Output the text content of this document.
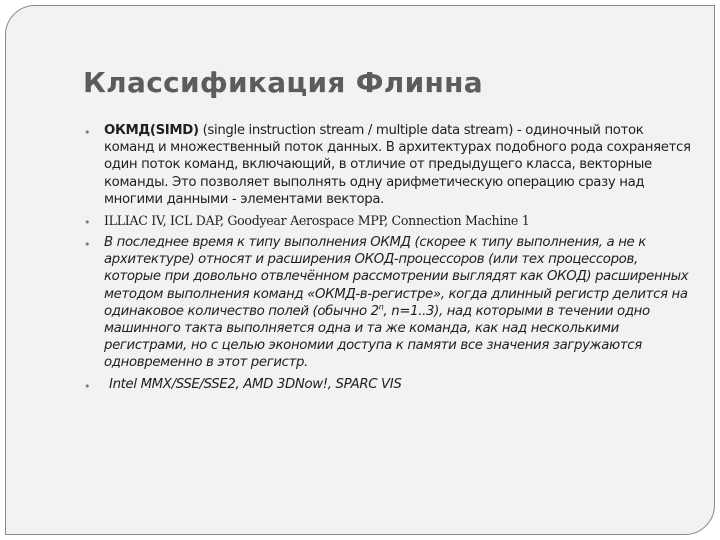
Классификация Флинна
• ОКМД(SIMD) (single instruction stream / multiple data stream) - одиночный поток команд и множественный поток данных. В архитектурах подобного рода сохраняется один поток команд, включающий, в отличие от предыдущего класса, векторные команды. Это позволяет выполнять одну арифметическую операцию сразу над многими данными - элементами вектора.
• ILLIAC IV, ICL DAP, Goodyear Aerospace MPP, Connection Machine 1
• В последнее время к типу выполнения ОКМД (скорее к типу выполнения, а не к архитектуре) относят и расширения ОКОД-процессоров (или тех процессоров, которые при довольно отвлечённом рассмотрении выглядят как ОКОД) расширенных методом выполнения команд «ОКМД-в-регистре», когда длинный регистр делится на одинаковое количество полей (обычно 2$^n$, n=1..3), над которыми в течении одно машинного такта выполняется одна и та же команда, как над несколькими регистрами, но с целью экономии доступа к памяти все значения загружаются одновременно в этот регистр.
• Intel MMX/SSE/SSE2, AMD 3DNow!, SPARC VIS
